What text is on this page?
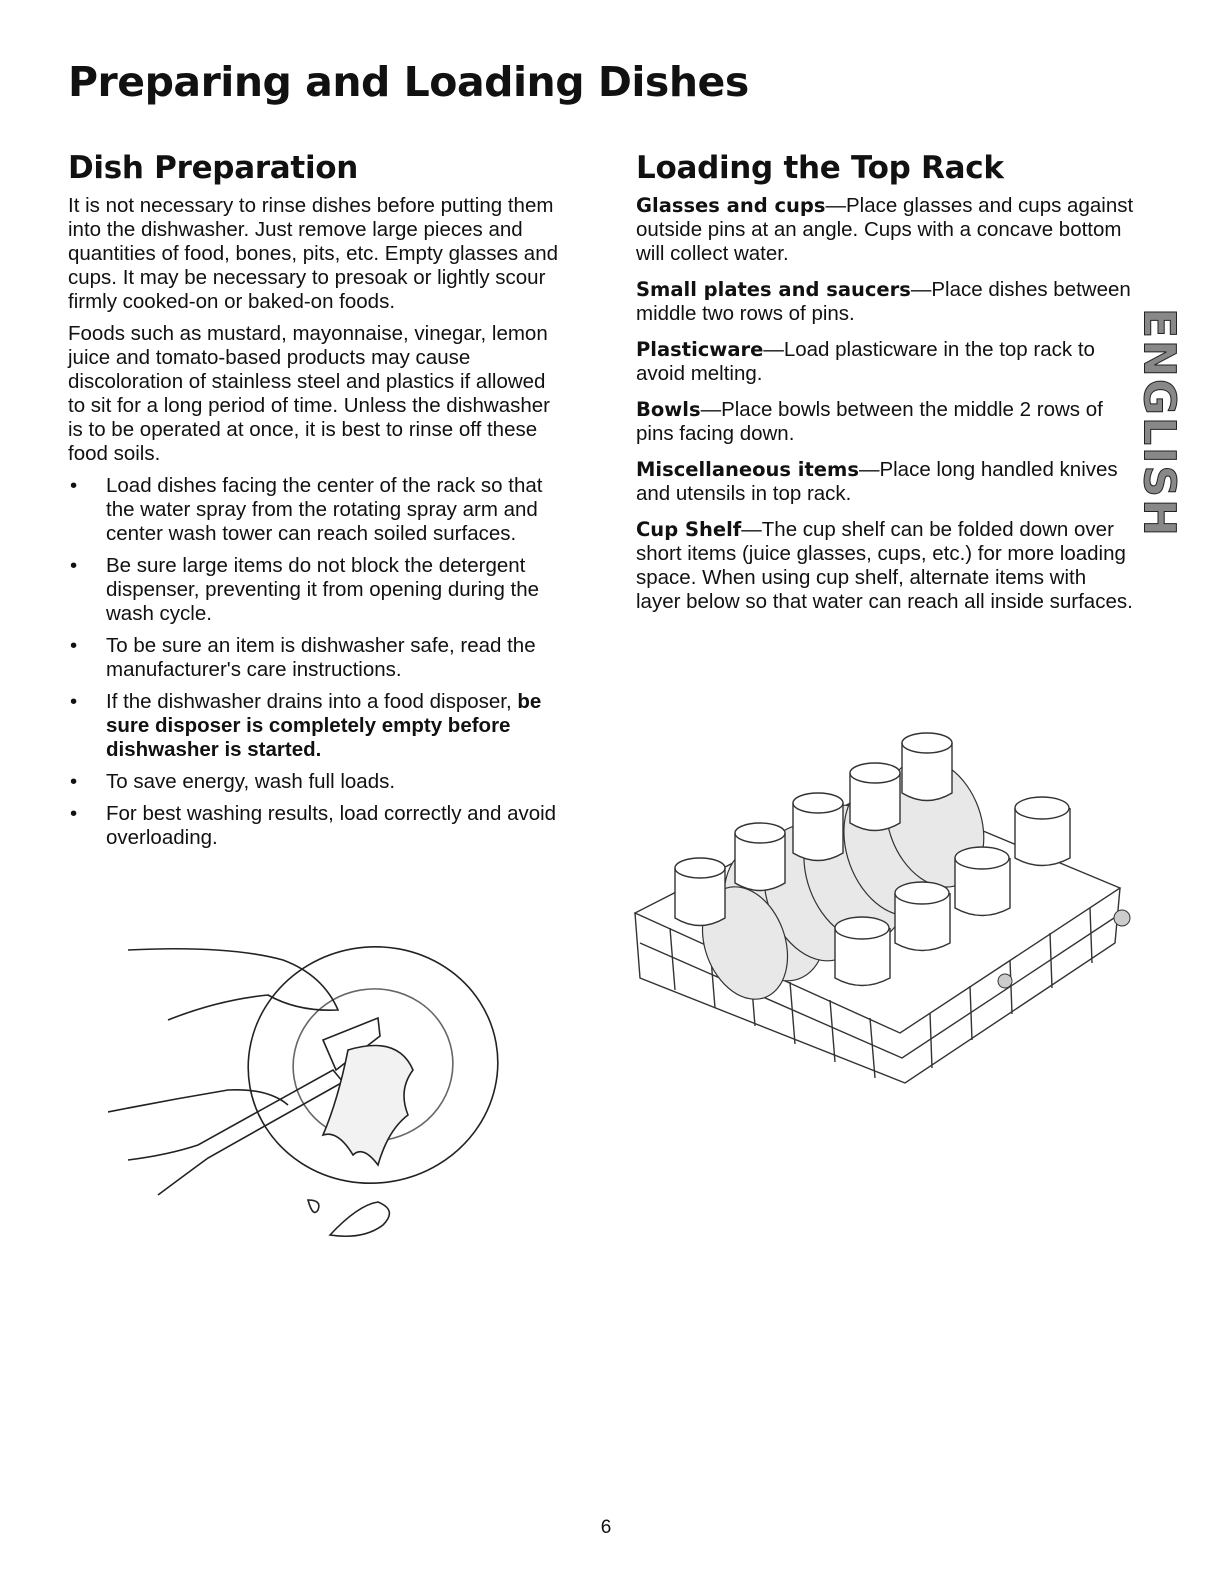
Preparing and Loading Dishes
Dish Preparation

It is not necessary to rinse dishes before putting them into the dishwasher. Just remove large pieces and quantities of food, bones, pits, etc. Empty glasses and cups. It may be necessary to presoak or lightly scour firmly cooked-on or baked-on foods.

Foods such as mustard, mayonnaise, vinegar, lemon juice and tomato-based products may cause discoloration of stainless steel and plastics if allowed to sit for a long period of time. Unless the dishwasher is to be operated at once, it is best to rinse off these food soils.

• Load dishes facing the center of the rack so that the water spray from the rotating spray arm and center wash tower can reach soiled surfaces.
• Be sure large items do not block the detergent dispenser, preventing it from opening during the wash cycle.
• To be sure an item is dishwasher safe, read the manufacturer's care instructions.
• If the dishwasher drains into a food disposer, be sure disposer is completely empty before dishwasher is started.
• To save energy, wash full loads.
• For best washing results, load correctly and avoid overloading.
Loading the Top Rack

Glasses and cups—Place glasses and cups against outside pins at an angle. Cups with a concave bottom will collect water.

Small plates and saucers—Place dishes between middle two rows of pins.

Plasticware—Load plasticware in the top rack to avoid melting.

Bowls—Place bowls between the middle 2 rows of pins facing down.

Miscellaneous items—Place long handled knives and utensils in top rack.

Cup Shelf—The cup shelf can be folded down over short items (juice glasses, cups, etc.) for more loading space. When using cup shelf, alternate items with layer below so that water can reach all inside surfaces.

ENGLISH
6
